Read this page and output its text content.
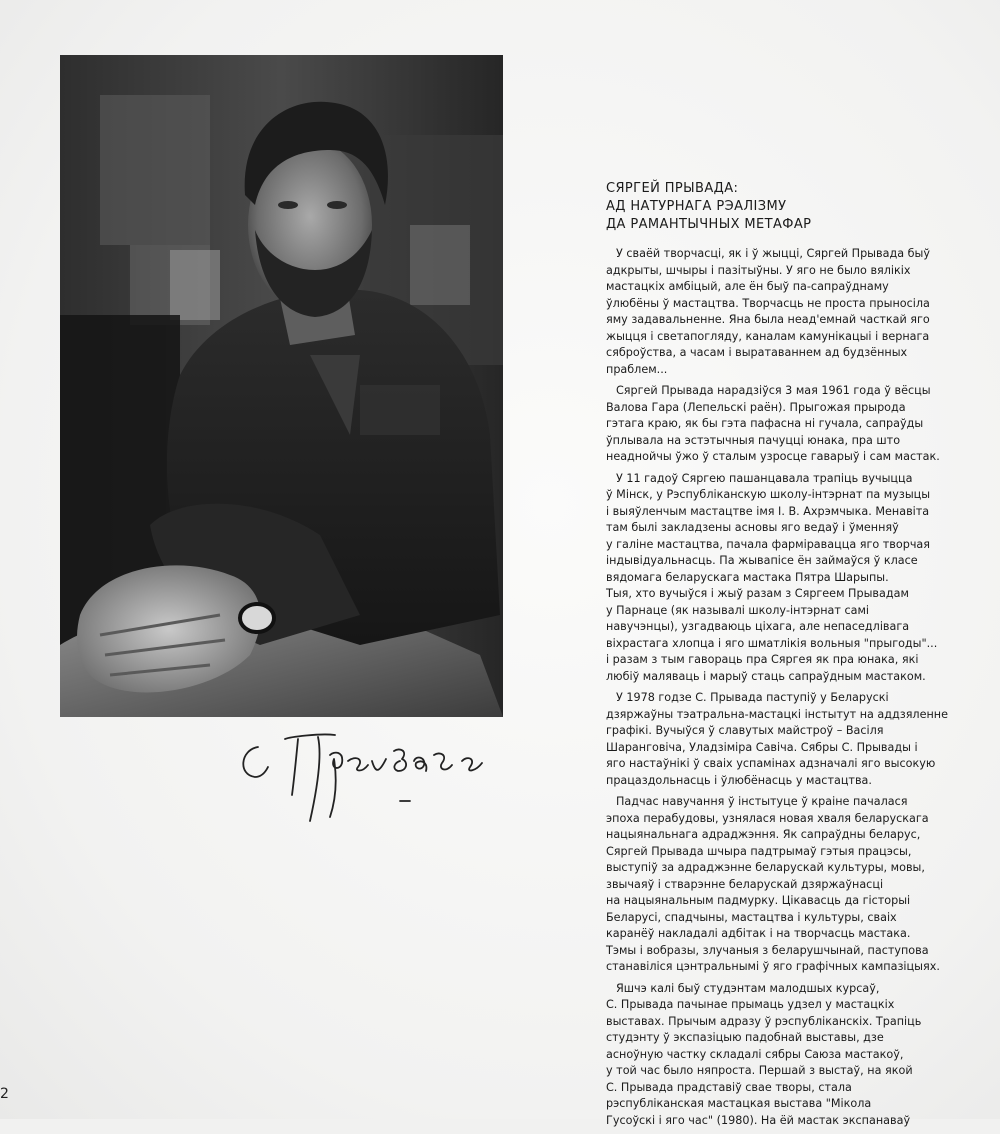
СЯРГЕЙ ПРЫВАДА:
АД НАТУРНАГА РЭАЛІЗМУ
ДА РАМАНТЫЧНЫХ МЕТАФАР

У сваёй творчасці, як і ў жыцці, Сяргей Прывада быў
адкрыты, шчыры і пазітыўны. У яго не было вялікіх
мастацкіх амбіцый, але ён быў па-сапраўднаму
ўлюбёны ў мастацтва. Творчасць не проста прыносіла
яму задавальненне. Яна была неад'емнай часткай яго
жыцця і светапогляду, каналам камунікацыі і вернага
сяброўства, а часам і выратаваннем ад будзённых
праблем...

Сяргей Прывада нарадзіўся 3 мая 1961 года ў вёсцы
Валова Гара (Лепельскі раён). Прыгожая прырода
гэтага краю, як бы гэта пафасна ні гучала, сапраўды
ўплывала на эстэтычныя пачуцці юнака, пра што
неаднойчы ўжо ў сталым узросце гаварыў і сам мастак.

У 11 гадоў Сяргею пашанцавала трапіць вучыцца
ў Мінск, у Рэспубліканскую школу-інтэрнат па музыцы
і выяўленчым мастацтве імя І. В. Ахрэмчыка. Менавіта
там былі закладзены асновы яго ведаў і ўменняў
у галіне мастацтва, пачала фарміравацца яго творчая
індывідуальнасць. Па жывапісе ён займаўся ў класе
вядомага беларускага мастака Пятра Шарыпы.
Тыя, хто вучыўся і жыў разам з Сяргеем Прывадам
у Парнаце (як называлі школу-інтэрнат самі
навучэнцы), узгадваюць ціхага, але непаседлівага
віхрастага хлопца і яго шматлікія вольныя "прыгоды"...
і разам з тым гавораць пра Сяргея як пра юнака, які
любіў маляваць і марыў стаць сапраўдным мастаком.

У 1978 годзе С. Прывада паступіў у Беларускі
дзяржаўны тэатральна-мастацкі інстытут на аддзяленне
графікі. Вучыўся ў славутых майстроў – Васіля
Шаранговіча, Уладзіміра Савіча. Сябры С. Прывады і
яго настаўнікі ў сваіх успамінах адзначалі яго высокую
працаздольнасць і ўлюбёнасць у мастацтва.

Падчас навучання ў інстытуце ў краіне пачалася
эпоха перабудовы, узнялася новая хваля беларускага
нацыянальнага адраджэння. Як сапраўдны беларус,
Сяргей Прывада шчыра падтрымаў гэтыя працэсы,
выступіў за адраджэнне беларускай культуры, мовы,
звычаяў і стварэнне беларускай дзяржаўнасці
на нацыянальным падмурку. Цікавасць да гісторыі
Беларусі, спадчыны, мастацтва і культуры, сваіх
каранёў накладалі адбітак і на творчасць мастака.
Тэмы і вобразы, злучаныя з беларушчынай, паступова
станавіліся цэнтральнымі ў яго графічных кампазіцыях.

Яшчэ калі быў студэнтам малодшых курсаў,
С. Прывада пачынае прымаць удзел у мастацкіх
выставах. Прычым адразу ў рэспубліканскіх. Трапіць
студэнту ў экспазіцыю падобнай выставы, дзе
асноўную частку складалі сябры Саюза мастакоў,
у той час было няпроста. Першай з выстаў, на якой
С. Прывада прадставіў свае творы, стала
рэспубліканская мастацкая выстава "Мікола
Гусоўскі і яго час" (1980). На ёй мастак экспанаваў

2
